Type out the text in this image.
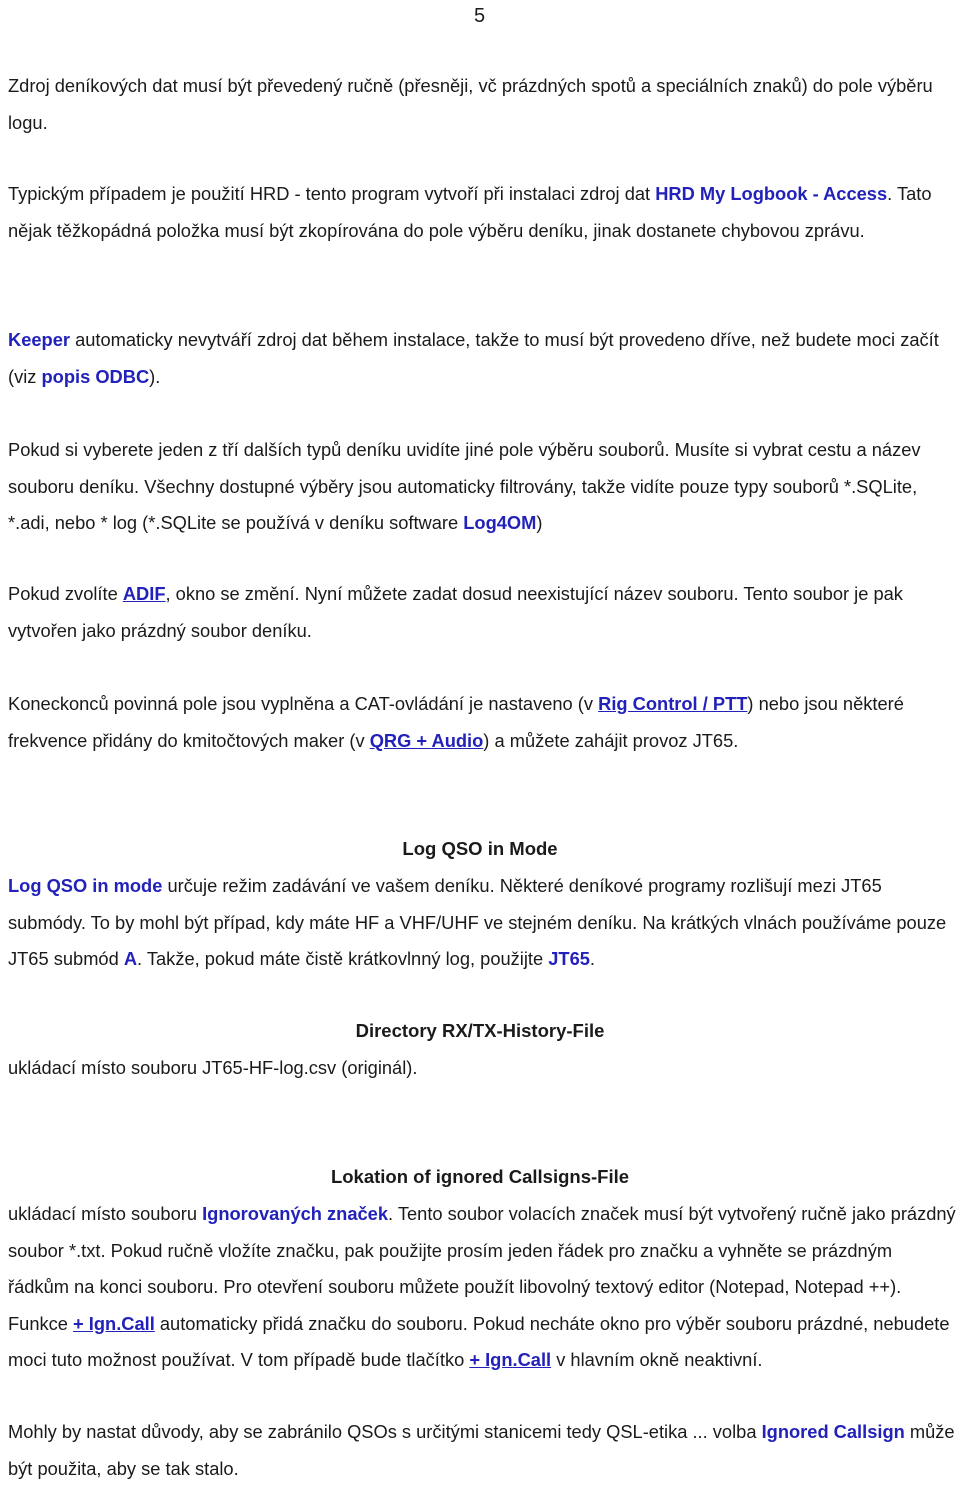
5

Zdroj deníkových dat musí být převedený ručně (přesněji, vč prázdných spotů a speciálních znaků) do pole výběru logu.

Typickým případem je použití HRD - tento program vytvoří při instalaci zdroj dat HRD My Logbook - Access. Tato nějak těžkopádná položka musí být zkopírována do pole výběru deníku, jinak dostanete chybovou zprávu.

Keeper automaticky nevytváří zdroj dat během instalace, takže to musí být provedeno dříve, než budete moci začít (viz popis ODBC).

Pokud si vyberete jeden z tří dalších typů deníku uvidíte jiné pole výběru souborů. Musíte si vybrat cestu a název souboru deníku. Všechny dostupné výběry jsou automaticky filtrovány, takže vidíte pouze typy souborů *.SQLite, *.adi, nebo * log (*.SQLite se používá v deníku software Log4OM)

Pokud zvolíte ADIF, okno se změní. Nyní můžete zadat dosud neexistující název souboru. Tento soubor je pak vytvořen jako prázdný soubor deníku.

Koneckonců povinná pole jsou vyplněna a CAT-ovládání je nastaveno (v Rig Control / PTT) nebo jsou některé frekvence přidány do kmitočtových maker (v QRG + Audio) a můžete zahájit provoz JT65.

Log QSO in Mode

Log QSO in mode určuje režim zadávání ve vašem deníku. Některé deníkové programy rozlišují mezi JT65 submódy. To by mohl být případ, kdy máte HF a VHF/UHF ve stejném deníku. Na krátkých vlnách používáme pouze JT65 submód A. Takže, pokud máte čistě krátkovlnný log, použijte JT65.

Directory RX/TX-History-File

ukládací místo souboru JT65-HF-log.csv (originál).

Lokation of ignored Callsigns-File

ukládací místo souboru Ignorovaných značek. Tento soubor volacích značek musí být vytvořený ručně jako prázdný soubor *.txt. Pokud ručně vložíte značku, pak použijte prosím jeden řádek pro značku a vyhněte se prázdným řádkům na konci souboru. Pro otevření souboru můžete použít libovolný textový editor (Notepad, Notepad ++). Funkce + Ign.Call automaticky přidá značku do souboru. Pokud necháte okno pro výběr souboru prázdné, nebudete moci tuto možnost používat. V tom případě bude tlačítko + Ign.Call v hlavním okně neaktivní.

Mohly by nastat důvody, aby se zabránilo QSOs s určitými stanicemi tedy QSL-etika ... volba Ignored Callsign může být použita, aby se tak stalo.
